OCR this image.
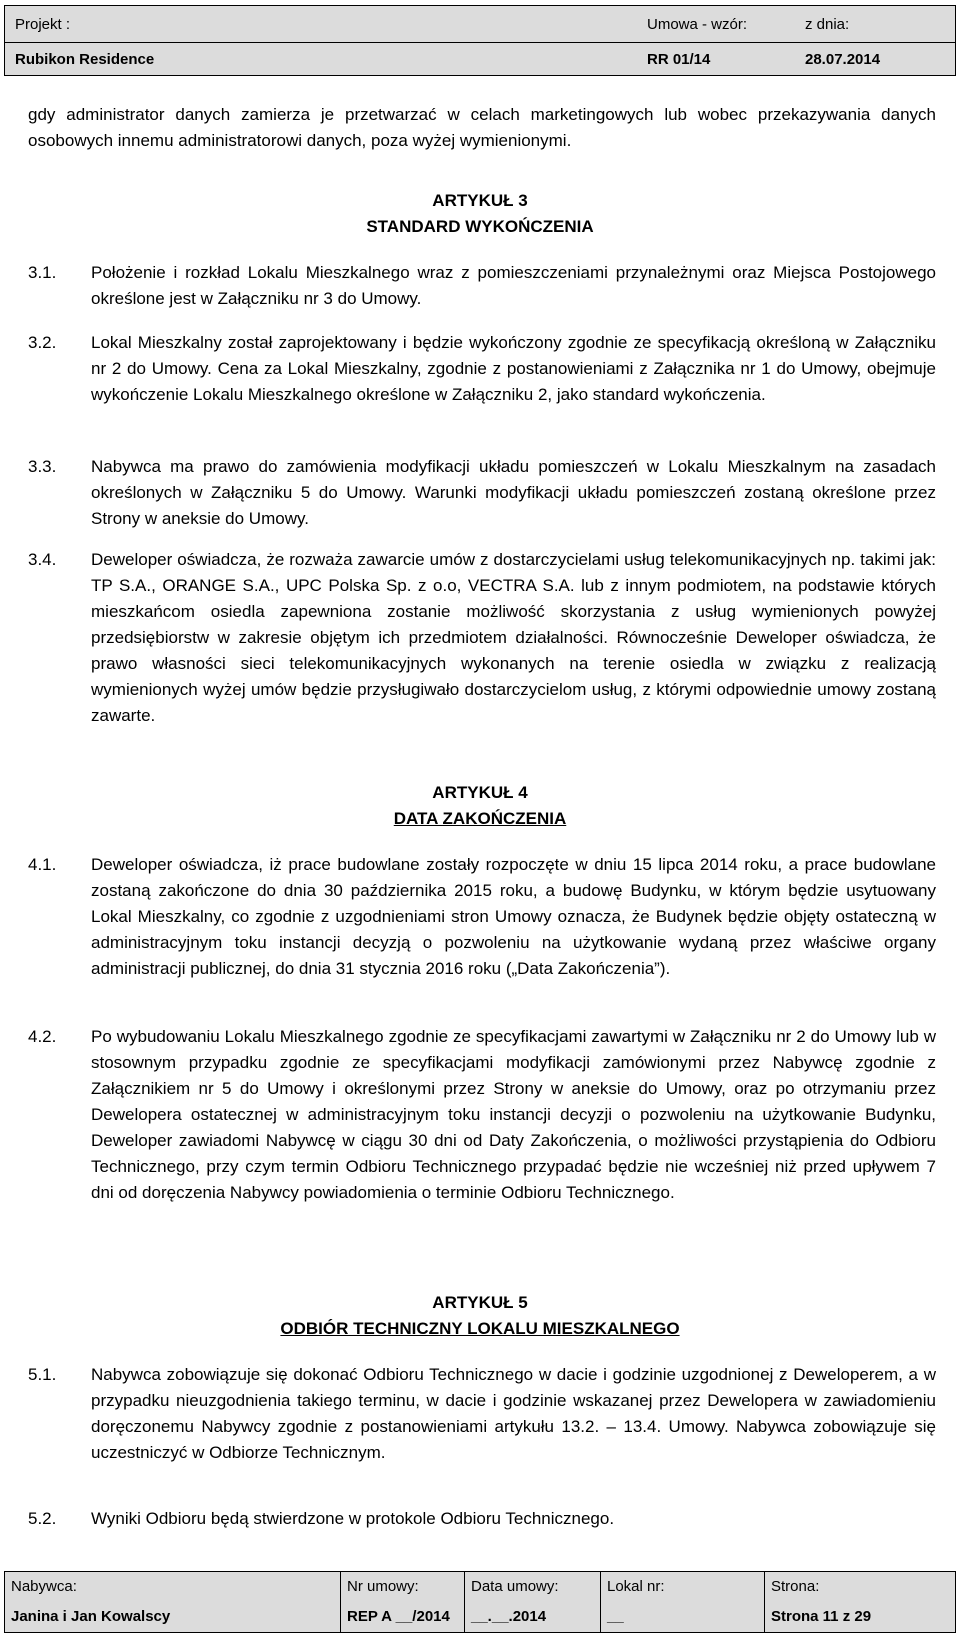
Projekt :	Umowa - wzór:	z dnia:
Rubikon Residence	RR 01/14	28.07.2014
gdy administrator danych zamierza je przetwarzać w celach marketingowych lub wobec przekazywania danych osobowych innemu administratorowi danych, poza wyżej wymienionymi.
ARTYKUŁ 3
STANDARD WYKOŃCZENIA
3.1. Położenie i rozkład Lokalu Mieszkalnego wraz z pomieszczeniami przynależnymi oraz Miejsca Postojowego określone jest w Załączniku nr 3 do Umowy.
3.2. Lokal Mieszkalny został zaprojektowany i będzie wykończony zgodnie ze specyfikacją określoną w Załączniku nr 2 do Umowy. Cena za Lokal Mieszkalny, zgodnie z postanowieniami z Załącznika nr 1 do Umowy, obejmuje wykończenie Lokalu Mieszkalnego określone w Załączniku 2, jako standard wykończenia.
3.3. Nabywca ma prawo do zamówienia modyfikacji układu pomieszczeń w Lokalu Mieszkalnym na zasadach określonych w Załączniku 5 do Umowy. Warunki modyfikacji układu pomieszczeń zostaną określone przez Strony w aneksie do Umowy.
3.4. Deweloper oświadcza, że rozważa zawarcie umów z dostarczycielami usług telekomunikacyjnych np. takimi jak: TP S.A., ORANGE S.A., UPC Polska Sp. z o.o, VECTRA S.A. lub z innym podmiotem, na podstawie których mieszkańcom osiedla zapewniona zostanie możliwość skorzystania z usług wymienionych powyżej przedsiębiorstw w zakresie objętym ich przedmiotem działalności. Równocześnie Deweloper oświadcza, że prawo własności sieci telekomunikacyjnych wykonanych na terenie osiedla w związku z realizacją wymienionych wyżej umów będzie przysługiwało dostarczycielom usług, z którymi odpowiednie umowy zostaną zawarte.
ARTYKUŁ 4
DATA ZAKOŃCZENIA
4.1. Deweloper oświadcza, iż prace budowlane zostały rozpoczęte w dniu 15 lipca 2014 roku, a prace budowlane zostaną zakończone do dnia 30 października 2015 roku, a budowę Budynku, w którym będzie usytuowany Lokal Mieszkalny, co zgodnie z uzgodnieniami stron Umowy oznacza, że Budynek będzie objęty ostateczną w administracyjnym toku instancji decyzją o pozwoleniu na użytkowanie wydaną przez właściwe organy administracji publicznej, do dnia 31 stycznia 2016 roku („Data Zakończenia”).
4.2. Po wybudowaniu Lokalu Mieszkalnego zgodnie ze specyfikacjami zawartymi w Załączniku nr 2 do Umowy lub w stosownym przypadku zgodnie ze specyfikacjami modyfikacji zamówionymi przez Nabywcę zgodnie z Załącznikiem nr 5 do Umowy i określonymi przez Strony w aneksie do Umowy, oraz po otrzymaniu przez Dewelopera ostatecznej w administracyjnym toku instancji decyzji o pozwoleniu na użytkowanie Budynku, Deweloper zawiadomi Nabywcę w ciągu 30 dni od Daty Zakończenia, o możliwości przystąpienia do Odbioru Technicznego, przy czym termin Odbioru Technicznego przypadać będzie nie wcześniej niż przed upływem 7 dni od doręczenia Nabywcy powiadomienia o terminie Odbioru Technicznego.
ARTYKUŁ 5
ODBIÓR TECHNICZNY LOKALU MIESZKALNEGO
5.1. Nabywca zobowiązuje się dokonać Odbioru Technicznego w dacie i godzinie uzgodnionej z Deweloperem, a w przypadku nieuzgodnienia takiego terminu, w dacie i godzinie wskazanej przez Dewelopera w zawiadomieniu doręczonemu Nabywcy zgodnie z postanowieniami artykułu 13.2. – 13.4. Umowy. Nabywca zobowiązuje się uczestniczyć w Odbiorze Technicznym.
5.2. Wyniki Odbioru będą stwierdzone w protokole Odbioru Technicznego.
Nabywca:	Nr umowy:	Data umowy:	Lokal nr:	Strona:
Janina i Jan Kowalscy	REP A __/2014	__.__.2014	__	Strona 11 z 29
